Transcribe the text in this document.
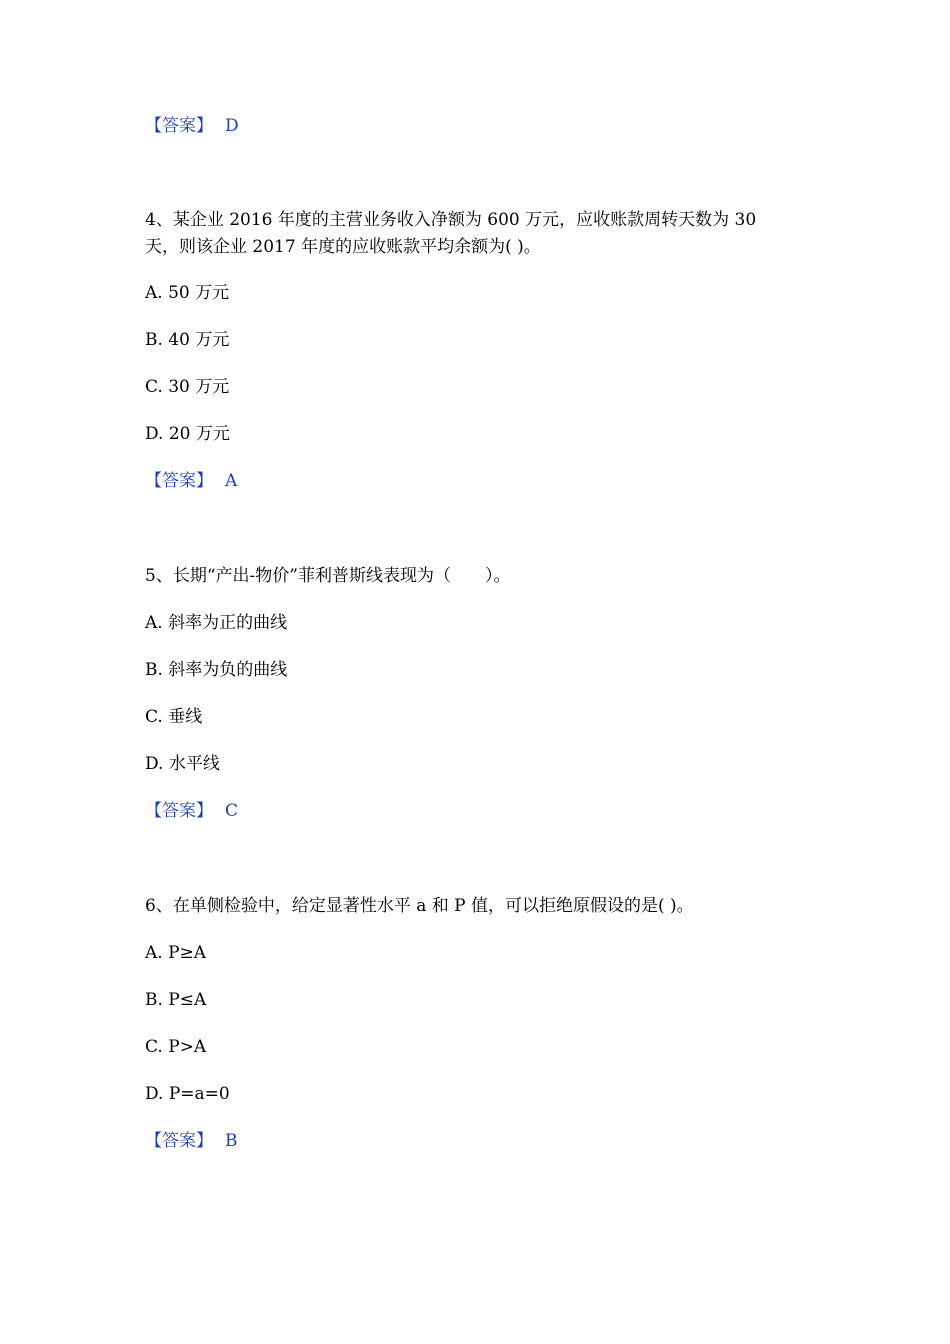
【答案】 D
4、某企业 2016 年度的主营业务收入净额为 600 万元，应收账款周转天数为 30
天，则该企业 2017 年度的应收账款平均余额为( )。
A. 50 万元
B. 40 万元
C. 30 万元
D. 20 万元
【答案】 A
5、长期“产出-物价”菲利普斯线表现为（　　）。
A. 斜率为正的曲线
B. 斜率为负的曲线
C. 垂线
D. 水平线
【答案】 C
6、在单侧检验中，给定显著性水平 a 和 P 值，可以拒绝原假设的是( )。
A. P≥A
B. P≤A
C. P>A
D. P=a=0
【答案】 B
